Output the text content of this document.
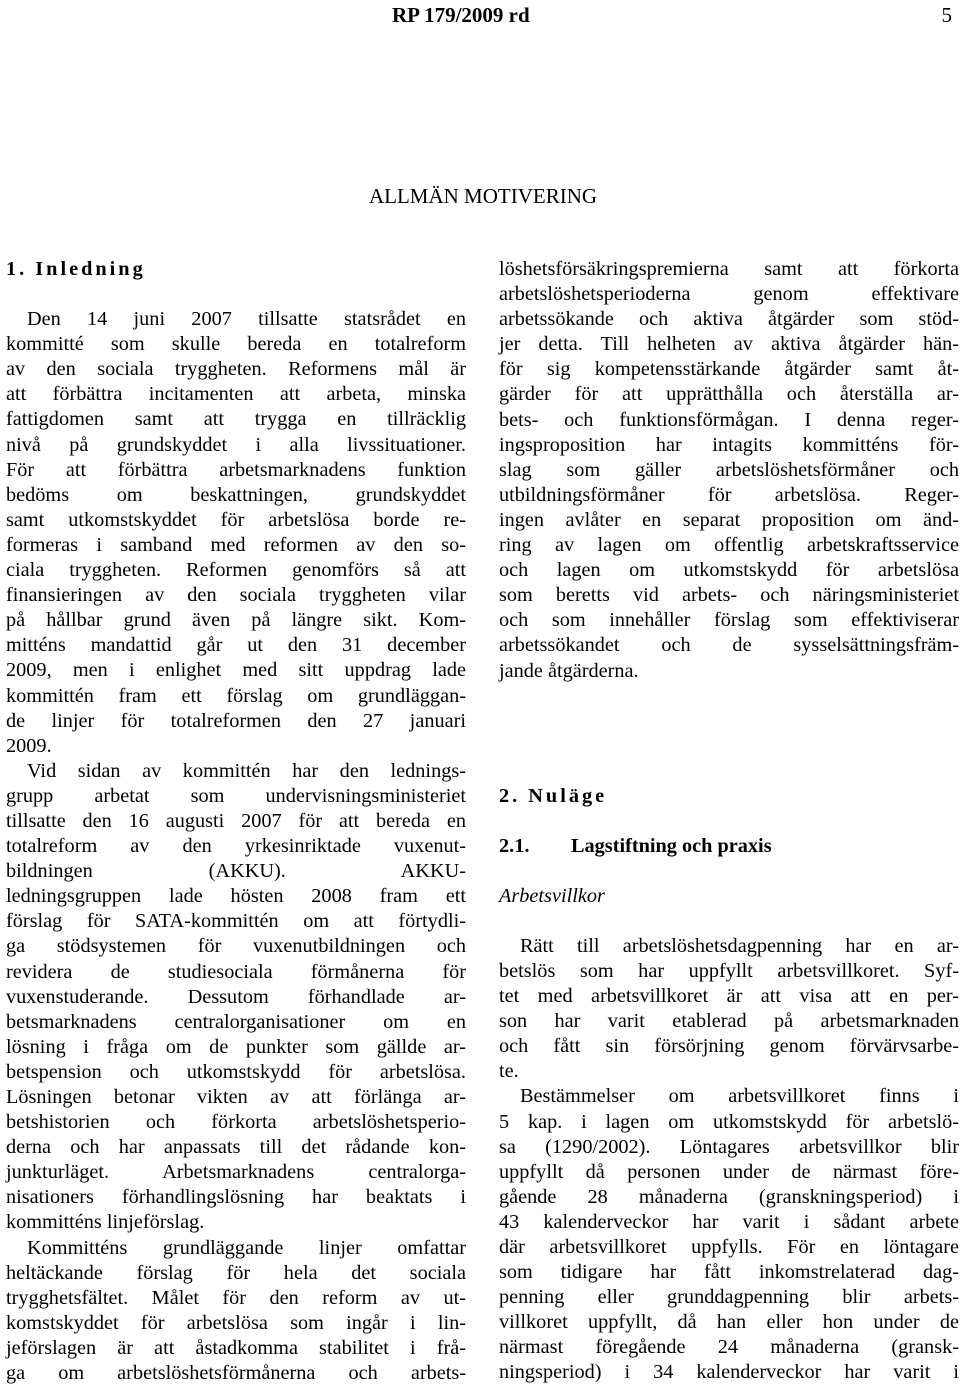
RP 179/2009 rd	5
ALLMÄN MOTIVERING
1. Inledning
Den 14 juni 2007 tillsatte statsrådet en
kommitté som skulle bereda en totalreform
av den sociala tryggheten. Reformens mål är
att förbättra incitamenten att arbeta, minska
fattigdomen samt att trygga en tillräcklig
nivå på grundskyddet i alla livssituationer.
För att förbättra arbetsmarknadens funktion
bedöms om beskattningen, grundskyddet
samt utkomstskyddet för arbetslösa borde re-
formeras i samband med reformen av den so-
ciala tryggheten. Reformen genomförs så att
finansieringen av den sociala tryggheten vilar
på hållbar grund även på längre sikt. Kom-
mitténs mandattid går ut den 31 december
2009, men i enlighet med sitt uppdrag lade
kommittén fram ett förslag om grundläggan-
de linjer för totalreformen den 27 januari
2009.
Vid sidan av kommittén har den lednings-
grupp arbetat som undervisningsministeriet
tillsatte den 16 augusti 2007 för att bereda en
totalreform av den yrkesinriktade vuxenut-
bildningen (AKKU). AKKU-
ledningsgruppen lade hösten 2008 fram ett
förslag för SATA-kommittén om att förtydli-
ga stödsystemen för vuxenutbildningen och
revidera de studiesociala förmånerna för
vuxenstuderande. Dessutom förhandlade ar-
betsmarknadens centralorganisationer om en
lösning i fråga om de punkter som gällde ar-
betspension och utkomstskydd för arbetslösa.
Lösningen betonar vikten av att förlänga ar-
betshistorien och förkorta arbetslöshetsperio-
derna och har anpassats till det rådande kon-
junkturläget. Arbetsmarknadens centralorga-
nisationers förhandlingslösning har beaktats i
kommitténs linjeförslag.
Kommitténs grundläggande linjer omfattar
heltäckande förslag för hela det sociala
trygghetsfältet. Målet för den reform av ut-
komstskyddet för arbetslösa som ingår i lin-
jeförslagen är att åstadkomma stabilitet i frå-
ga om arbetslöshetsförmånerna och arbets-
löshetsförsäkringspremierna samt att förkorta
arbetslöshetsperioderna genom effektivare
arbetssökande och aktiva åtgärder som stöd-
jer detta. Till helheten av aktiva åtgärder hän-
för sig kompetensstärkande åtgärder samt åt-
gärder för att upprätthålla och återställa ar-
bets- och funktionsförmågan. I denna reger-
ingsproposition har intagits kommitténs för-
slag som gäller arbetslöshetsförmåner och
utbildningsförmåner för arbetslösa. Reger-
ingen avlåter en separat proposition om änd-
ring av lagen om offentlig arbetskraftsservice
och lagen om utkomstskydd för arbetslösa
som beretts vid arbets- och näringsministeriet
och som innehåller förslag som effektiviserar
arbetssökandet och de sysselsättningsfräm-
jande åtgärderna.
2. Nuläge
2.1. Lagstiftning och praxis
Arbetsvillkor
Rätt till arbetslöshetsdagpenning har en ar-
betslös som har uppfyllt arbetsvillkoret. Syf-
tet med arbetsvillkoret är att visa att en per-
son har varit etablerad på arbetsmarknaden
och fått sin försörjning genom förvärvsarbe-
te.
Bestämmelser om arbetsvillkoret finns i
5 kap. i lagen om utkomstskydd för arbetslö-
sa (1290/2002). Löntagares arbetsvillkor blir
uppfyllt då personen under de närmast före-
gående 28 månaderna (granskningsperiod) i
43 kalenderveckor har varit i sådant arbete
där arbetsvillkoret uppfylls. För en löntagare
som tidigare har fått inkomstrelaterad dag-
penning eller grunddagpenning blir arbets-
villkoret uppfyllt, då han eller hon under de
närmast föregående 24 månaderna (gransk-
ningsperiod) i 34 kalenderveckor har varit i
